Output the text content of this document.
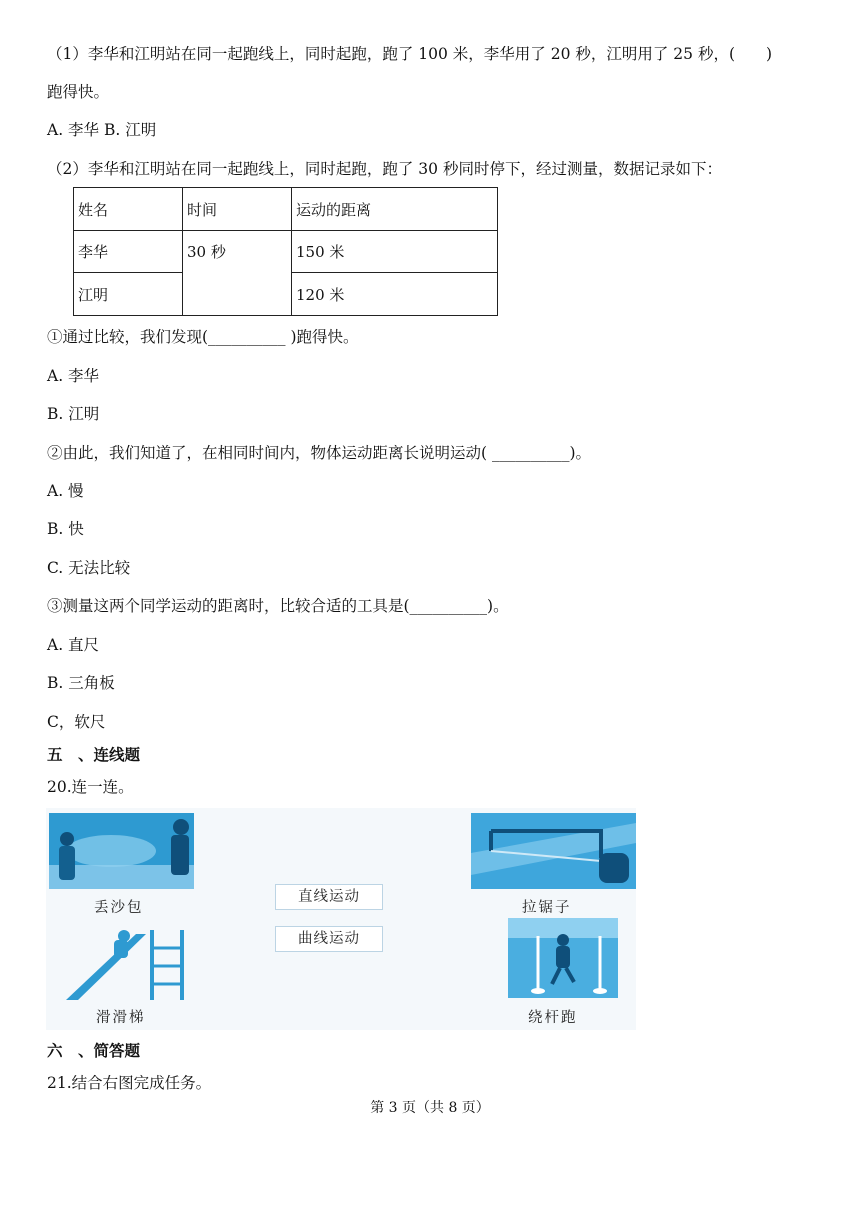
（1）李华和江明站在同一起跑线上，同时起跑，跑了 100 米，李华用了 20 秒，江明用了 25 秒，(　　)
跑得快。
A. 李华 B. 江明
（2）李华和江明站在同一起跑线上，同时起跑，跑了 30 秒同时停下，经过测量，数据记录如下：
姓名	时间	运动的距离
李华	30 秒	150 米
江明		120 米
①通过比较，我们发现(__________ )跑得快。
A. 李华
B. 江明
②由此，我们知道了，在相同时间内，物体运动距离长说明运动( __________)。
A. 慢
B. 快
C. 无法比较
③测量这两个同学运动的距离时，比较合适的工具是(__________)。
A. 直尺
B. 三角板
C，软尺
五　、连线题
20.连一连。
丢沙包	拉锯子
滑滑梯	绕杆跑
直线运动
曲线运动
六　、简答题
21.结合右图完成任务。
第 3 页（共 8 页）
